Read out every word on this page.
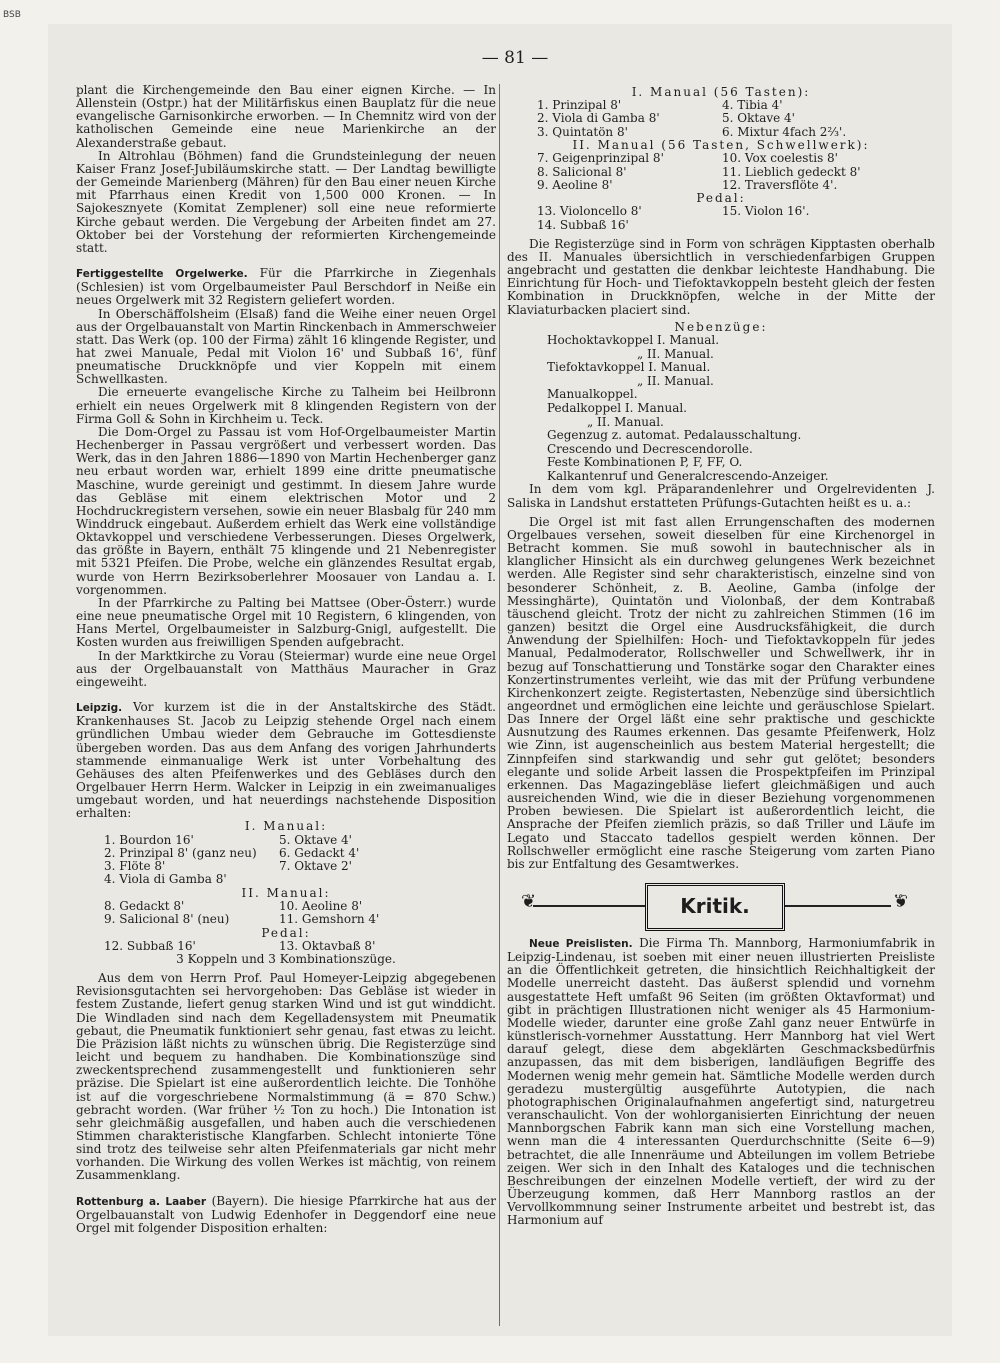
BSB
— 81 —

plant die Kirchengemeinde den Bau einer eignen Kirche. — In Allenstein (Ostpr.) hat der Militärfiskus einen Bauplatz für die neue evangelische Garnisonkirche erworben. — In Chemnitz wird von der katholischen Gemeinde eine neue Marienkirche an der Alexanderstraße gebaut.

In Altrohlau (Böhmen) fand die Grundsteinlegung der neuen Kaiser Franz Josef-Jubiläumskirche statt. — Der Landtag bewilligte der Gemeinde Marienberg (Mähren) für den Bau einer neuen Kirche mit Pfarrhaus einen Kredit von 1,500 000 Kronen. — In Sajokesznyete (Komitat Zemplener) soll eine neue reformierte Kirche gebaut werden. Die Vergebung der Arbeiten findet am 27. Oktober bei der Vorstehung der reformierten Kirchengemeinde statt.

Fertiggestellte Orgelwerke. Für die Pfarrkirche in Ziegenhals (Schlesien) ist vom Orgelbaumeister Paul Berschdorf in Neiße ein neues Orgelwerk mit 32 Registern geliefert worden.

In Oberschäffolsheim (Elsaß) fand die Weihe einer neuen Orgel aus der Orgelbauanstalt von Martin Rinckenbach in Ammerschweier statt. Das Werk (op. 100 der Firma) zählt 16 klingende Register, und hat zwei Manuale, Pedal mit Violon 16' und Subbaß 16', fünf pneumatische Druckknöpfe und vier Koppeln mit einem Schwellkasten.

Die erneuerte evangelische Kirche zu Talheim bei Heilbronn erhielt ein neues Orgelwerk mit 8 klingenden Registern von der Firma Goll & Sohn in Kirchheim u. Teck.

Die Dom-Orgel zu Passau ist vom Hof-Orgelbaumeister Martin Hechenberger in Passau vergrößert und verbessert worden. Das Werk, das in den Jahren 1886—1890 von Martin Hechenberger ganz neu erbaut worden war, erhielt 1899 eine dritte pneumatische Maschine, wurde gereinigt und gestimmt. In diesem Jahre wurde das Gebläse mit einem elektrischen Motor und 2 Hochdruckregistern versehen, sowie ein neuer Blasbalg für 240 mm Winddruck eingebaut. Außerdem erhielt das Werk eine vollständige Oktavkoppel und verschiedene Verbesserungen. Dieses Orgelwerk, das größte in Bayern, enthält 75 klingende und 21 Nebenregister mit 5321 Pfeifen. Die Probe, welche ein glänzendes Resultat ergab, wurde von Herrn Bezirksoberlehrer Moosauer von Landau a. I. vorgenommen.

In der Pfarrkirche zu Palting bei Mattsee (Ober-Österr.) wurde eine neue pneumatische Orgel mit 10 Registern, 6 klingenden, von Hans Mertel, Orgelbaumeister in Salzburg-Gnigl, aufgestellt. Die Kosten wurden aus freiwilligen Spenden aufgebracht.

In der Marktkirche zu Vorau (Steiermar) wurde eine neue Orgel aus der Orgelbauanstalt von Matthäus Mauracher in Graz eingeweiht.

Leipzig. Vor kurzem ist die in der Anstaltskirche des Städt. Krankenhauses St. Jacob zu Leipzig stehende Orgel nach einem gründlichen Umbau wieder dem Gebrauche im Gottesdienste übergeben worden. Das aus dem Anfang des vorigen Jahrhunderts stammende einmanualige Werk ist unter Vorbehaltung des Gehäuses des alten Pfeifenwerkes und des Gebläses durch den Orgelbauer Herrn Herm. Walcker in Leipzig in ein zweimanualiges umgebaut worden, und hat neuerdings nachstehende Disposition erhalten:

I. Manual:
1. Bourdon 16'	5. Oktave 4'
2. Prinzipal 8' (ganz neu)	6. Gedackt 4'
3. Flöte 8'	7. Oktave 2'
4. Viola di Gamba 8'
II. Manual:
8. Gedackt 8'	10. Aeoline 8'
9. Salicional 8' (neu)	11. Gemshorn 4'
Pedal:
12. Subbaß 16'	13. Oktavbaß 8'
3 Koppeln und 3 Kombinationszüge.

Aus dem von Herrn Prof. Paul Homeyer-Leipzig abgegebenen Revisionsgutachten sei hervorgehoben: Das Gebläse ist wieder in festem Zustande, liefert genug starken Wind und ist gut winddicht. Die Windladen sind nach dem Kegelladensystem mit Pneumatik gebaut, die Pneumatik funktioniert sehr genau, fast etwas zu leicht. Die Präzision läßt nichts zu wünschen übrig. Die Registerzüge sind leicht und bequem zu handhaben. Die Kombinationszüge sind zweckentsprechend zusammengestellt und funktionieren sehr präzise. Die Spielart ist eine außerordentlich leichte. Die Tonhöhe ist auf die vorgeschriebene Normalstimmung (ä = 870 Schw.) gebracht worden. (War früher ½ Ton zu hoch.) Die Intonation ist sehr gleichmäßig ausgefallen, und haben auch die verschiedenen Stimmen charakteristische Klangfarben. Schlecht intonierte Töne sind trotz des teilweise sehr alten Pfeifenmaterials gar nicht mehr vorhanden. Die Wirkung des vollen Werkes ist mächtig, von reinem Zusammenklang.

Rottenburg a. Laaber (Bayern). Die hiesige Pfarrkirche hat aus der Orgelbauanstalt von Ludwig Edenhofer in Deggendorf eine neue Orgel mit folgender Disposition erhalten:

I. Manual (56 Tasten):
1. Prinzipal 8'	4. Tibia 4'
2. Viola di Gamba 8'	5. Oktave 4'
3. Quintatön 8'	6. Mixtur 4fach 2⅔'.
II. Manual (56 Tasten, Schwellwerk):
7. Geigenprinzipal 8'	10. Vox coelestis 8'
8. Salicional 8'	11. Lieblich gedeckt 8'
9. Aeoline 8'	12. Traversflöte 4'.
Pedal:
13. Violoncello 8'	15. Violon 16'.
14. Subbaß 16'

Die Registerzüge sind in Form von schrägen Kipptasten oberhalb des II. Manuales übersichtlich in verschiedenfarbigen Gruppen angebracht und gestatten die denkbar leichteste Handhabung. Die Einrichtung für Hoch- und Tiefoktavkoppeln besteht gleich der festen Kombination in Druckknöpfen, welche in der Mitte der Klaviaturbacken placiert sind.

Nebenzüge:
Hochoktavkoppel I. Manual.
„ II. Manual.
Tiefoktavkoppel I. Manual.
„ II. Manual.
Manualkoppel.
Pedalkoppel I. Manual.
„ II. Manual.
Gegenzug z. automat. Pedalausschaltung.
Crescendo und Decrescendorolle.
Feste Kombinationen P, F, FF, O.
Kalkantenruf und Generalcrescendo-Anzeiger.

In dem vom kgl. Präparandenlehrer und Orgelrevidenten J. Saliska in Landshut erstatteten Prüfungs-Gutachten heißt es u. a.:

Die Orgel ist mit fast allen Errungenschaften des modernen Orgelbaues versehen, soweit dieselben für eine Kirchenorgel in Betracht kommen. Sie muß sowohl in bautechnischer als in klanglicher Hinsicht als ein durchweg gelungenes Werk bezeichnet werden. Alle Register sind sehr charakteristisch, einzelne sind von besonderer Schönheit, z. B. Aeoline, Gamba (infolge der Messinghärte), Quintatön und Violonbaß, der dem Kontrabaß täuschend gleicht. Trotz der nicht zu zahlreichen Stimmen (16 im ganzen) besitzt die Orgel eine Ausdrucksfähigkeit, die durch Anwendung der Spielhilfen: Hoch- und Tiefoktavkoppeln für jedes Manual, Pedalmoderator, Rollschweller und Schwellwerk, ihr in bezug auf Tonschattierung und Tonstärke sogar den Charakter eines Konzertinstrumentes verleiht, wie das mit der Prüfung verbundene Kirchenkonzert zeigte. Registertasten, Nebenzüge sind übersichtlich angeordnet und ermöglichen eine leichte und geräuschlose Spielart. Das Innere der Orgel läßt eine sehr praktische und geschickte Ausnutzung des Raumes erkennen. Das gesamte Pfeifenwerk, Holz wie Zinn, ist augenscheinlich aus bestem Material hergestellt; die Zinnpfeifen sind starkwandig und sehr gut gelötet; besonders elegante und solide Arbeit lassen die Prospektpfeifen im Prinzipal erkennen. Das Magazingebläse liefert gleichmäßigen und auch ausreichenden Wind, wie die in dieser Beziehung vorgenommenen Proben bewiesen. Die Spielart ist außerordentlich leicht, die Ansprache der Pfeifen ziemlich präzis, so daß Triller und Läufe im Legato und Staccato tadellos gespielt werden können. Der Rollschweller ermöglicht eine rasche Steigerung vom zarten Piano bis zur Entfaltung des Gesamtwerkes.

❦	❦
Kritik.

Neue Preislisten. Die Firma Th. Mannborg, Harmoniumfabrik in Leipzig-Lindenau, ist soeben mit einer neuen illustrierten Preisliste an die Öffentlichkeit getreten, die hinsichtlich Reichhaltigkeit der Modelle unerreicht dasteht. Das äußerst splendid und vornehm ausgestattete Heft umfaßt 96 Seiten (im größten Oktavformat) und gibt in prächtigen Illustrationen nicht weniger als 45 Harmonium-Modelle wieder, darunter eine große Zahl ganz neuer Entwürfe in künstlerisch-vornehmer Ausstattung. Herr Mannborg hat viel Wert darauf gelegt, diese dem abgeklärten Geschmacksbedürfnis anzupassen, das mit dem bisberigen, landläufigen Begriffe des Modernen wenig mehr gemein hat. Sämtliche Modelle werden durch geradezu mustergültig ausgeführte Autotypien, die nach photographischen Originalaufnahmen angefertigt sind, naturgetreu veranschaulicht. Von der wohlorganisierten Einrichtung der neuen Mannborgschen Fabrik kann man sich eine Vorstellung machen, wenn man die 4 interessanten Querdurchschnitte (Seite 6—9) betrachtet, die alle Innenräume und Abteilungen im vollem Betriebe zeigen. Wer sich in den Inhalt des Kataloges und die technischen Beschreibungen der einzelnen Modelle vertieft, der wird zu der Überzeugung kommen, daß Herr Mannborg rastlos an der Vervollkommnung seiner Instrumente arbeitet und bestrebt ist, das Harmonium auf
